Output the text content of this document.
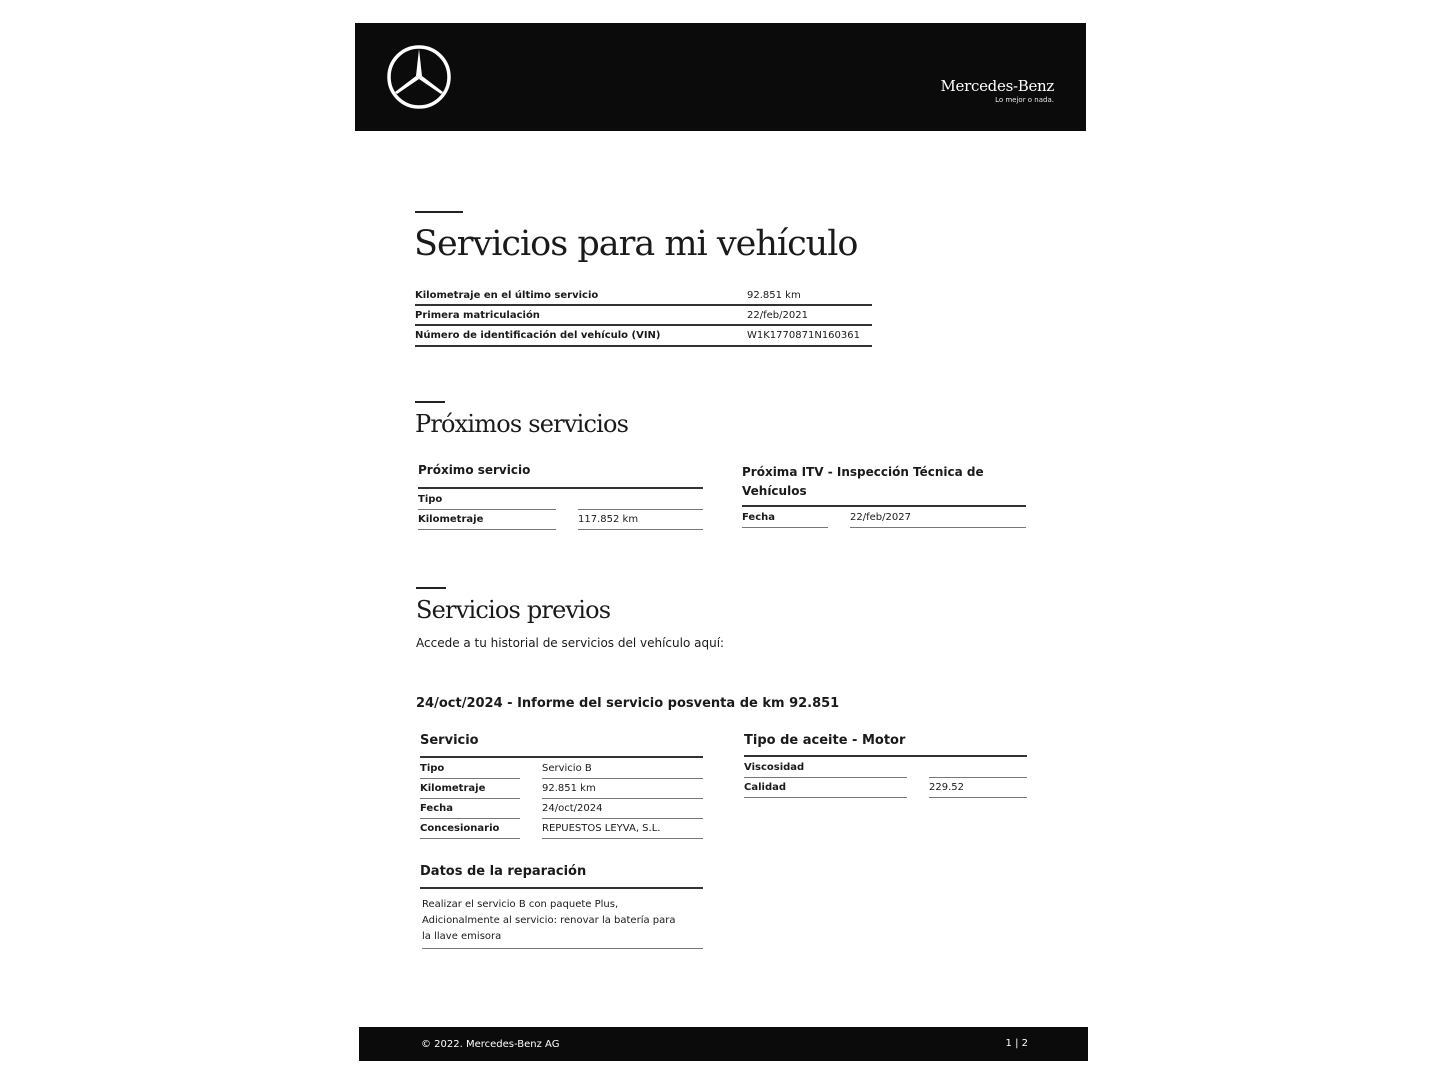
Mercedes-Benz
Lo mejor o nada.
Servicios para mi vehículo
Kilometraje en el último servicio	92.851 km
Primera matriculación	22/feb/2021
Número de identificación del vehículo (VIN)	W1K1770871N160361
Próximos servicios
Próximo servicio
Tipo
Kilometraje	117.852 km
Próxima ITV - Inspección Técnica de
Vehículos
Fecha	22/feb/2027
Servicios previos
Accede a tu historial de servicios del vehículo aquí:
24/oct/2024 - Informe del servicio posventa de km 92.851
Servicio
Tipo	Servicio B
Kilometraje	92.851 km
Fecha	24/oct/2024
Concesionario	REPUESTOS LEYVA, S.L.
Tipo de aceite - Motor
Viscosidad
Calidad	229.52
Datos de la reparación
Realizar el servicio B con paquete Plus,
Adicionalmente al servicio: renovar la batería para
la llave emisora
© 2022. Mercedes-Benz AG	1 | 2
